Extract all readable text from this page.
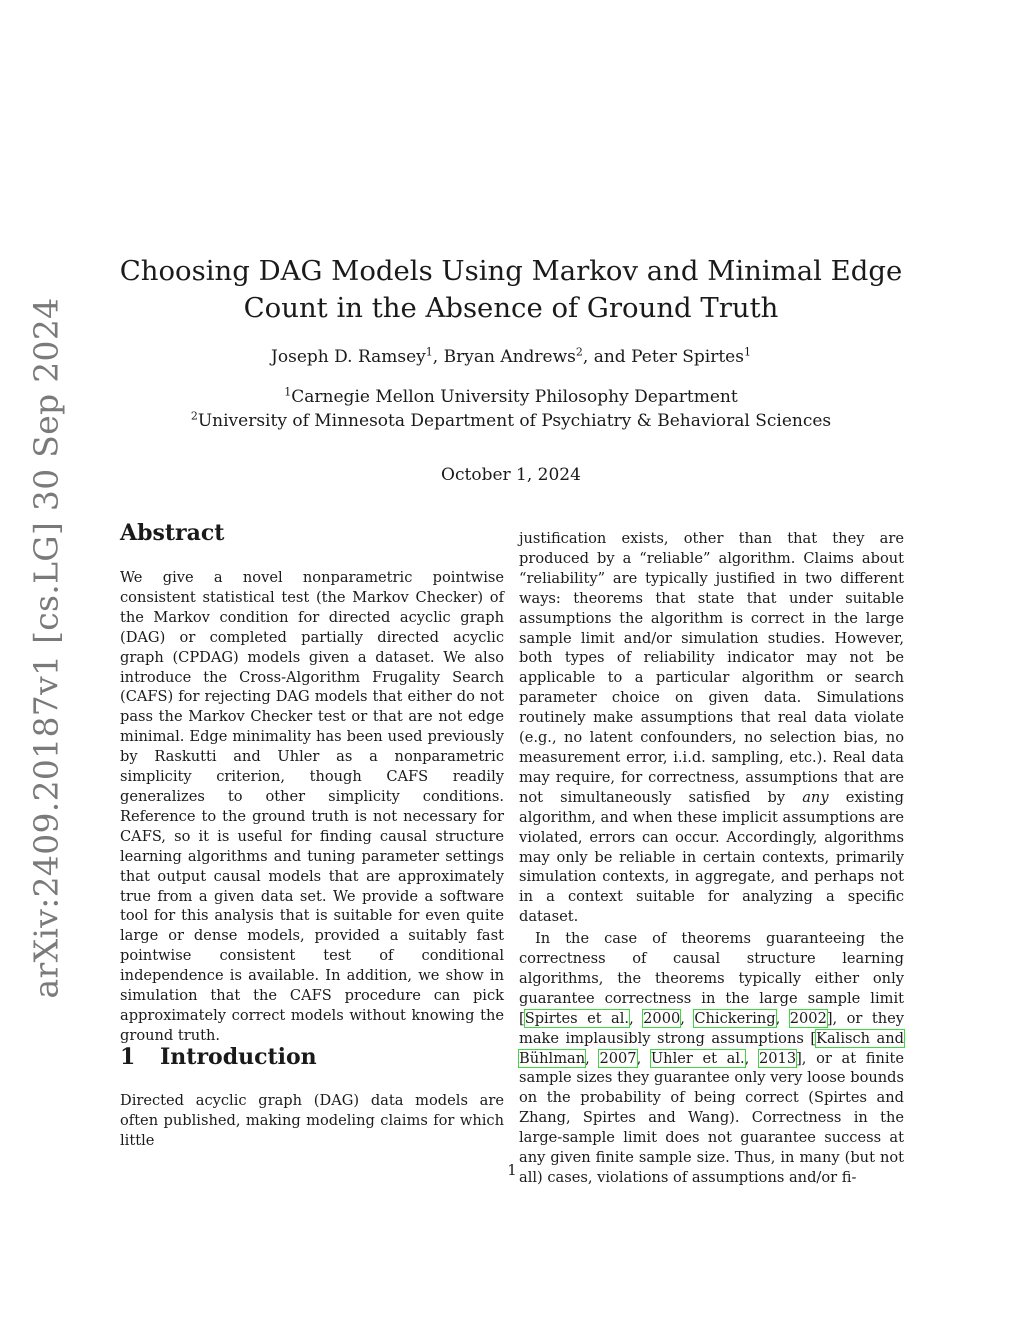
arXiv:2409.20187v1 [cs.LG] 30 Sep 2024
Choosing DAG Models Using Markov and Minimal Edge Count in the Absence of Ground Truth
Joseph D. Ramsey$^1$, Bryan Andrews$^2$, and Peter Spirtes$^1$
$^1$Carnegie Mellon University Philosophy Department
$^2$University of Minnesota Department of Psychiatry & Behavioral Sciences
October 1, 2024
Abstract

We give a novel nonparametric pointwise consistent statistical test (the Markov Checker) of the Markov condition for directed acyclic graph (DAG) or completed partially directed acyclic graph (CPDAG) models given a dataset. We also introduce the Cross-Algorithm Frugality Search (CAFS) for rejecting DAG models that either do not pass the Markov Checker test or that are not edge minimal. Edge minimality has been used previously by Raskutti and Uhler as a nonparametric simplicity criterion, though CAFS readily generalizes to other simplicity conditions. Reference to the ground truth is not necessary for CAFS, so it is useful for finding causal structure learning algorithms and tuning parameter settings that output causal models that are approximately true from a given data set. We provide a software tool for this analysis that is suitable for even quite large or dense models, provided a suitably fast pointwise consistent test of conditional independence is available. In addition, we show in simulation that the CAFS procedure can pick approximately correct models without knowing the ground truth.

1 Introduction

Directed acyclic graph (DAG) data models are often published, making modeling claims for which little

justification exists, other than that they are produced by a “reliable” algorithm. Claims about “reliability” are typically justified in two different ways: theorems that state that under suitable assumptions the algorithm is correct in the large sample limit and/or simulation studies. However, both types of reliability indicator may not be applicable to a particular algorithm or search parameter choice on given data. Simulations routinely make assumptions that real data violate (e.g., no latent confounders, no selection bias, no measurement error, i.i.d. sampling, etc.). Real data may require, for correctness, assumptions that are not simultaneously satisfied by any existing algorithm, and when these implicit assumptions are violated, errors can occur. Accordingly, algorithms may only be reliable in certain contexts, primarily simulation contexts, in aggregate, and perhaps not in a context suitable for analyzing a specific dataset.

In the case of theorems guaranteeing the correctness of causal structure learning algorithms, the theorems typically either only guarantee correctness in the large sample limit [Spirtes et al., 2000, Chickering, 2002], or they make implausibly strong assumptions [Kalisch and Bühlman, 2007, Uhler et al., 2013], or at finite sample sizes they guarantee only very loose bounds on the probability of being correct (Spirtes and Zhang, Spirtes and Wang). Correctness in the large-sample limit does not guarantee success at any given finite sample size. Thus, in many (but not all) cases, violations of assumptions and/or fi-

1
